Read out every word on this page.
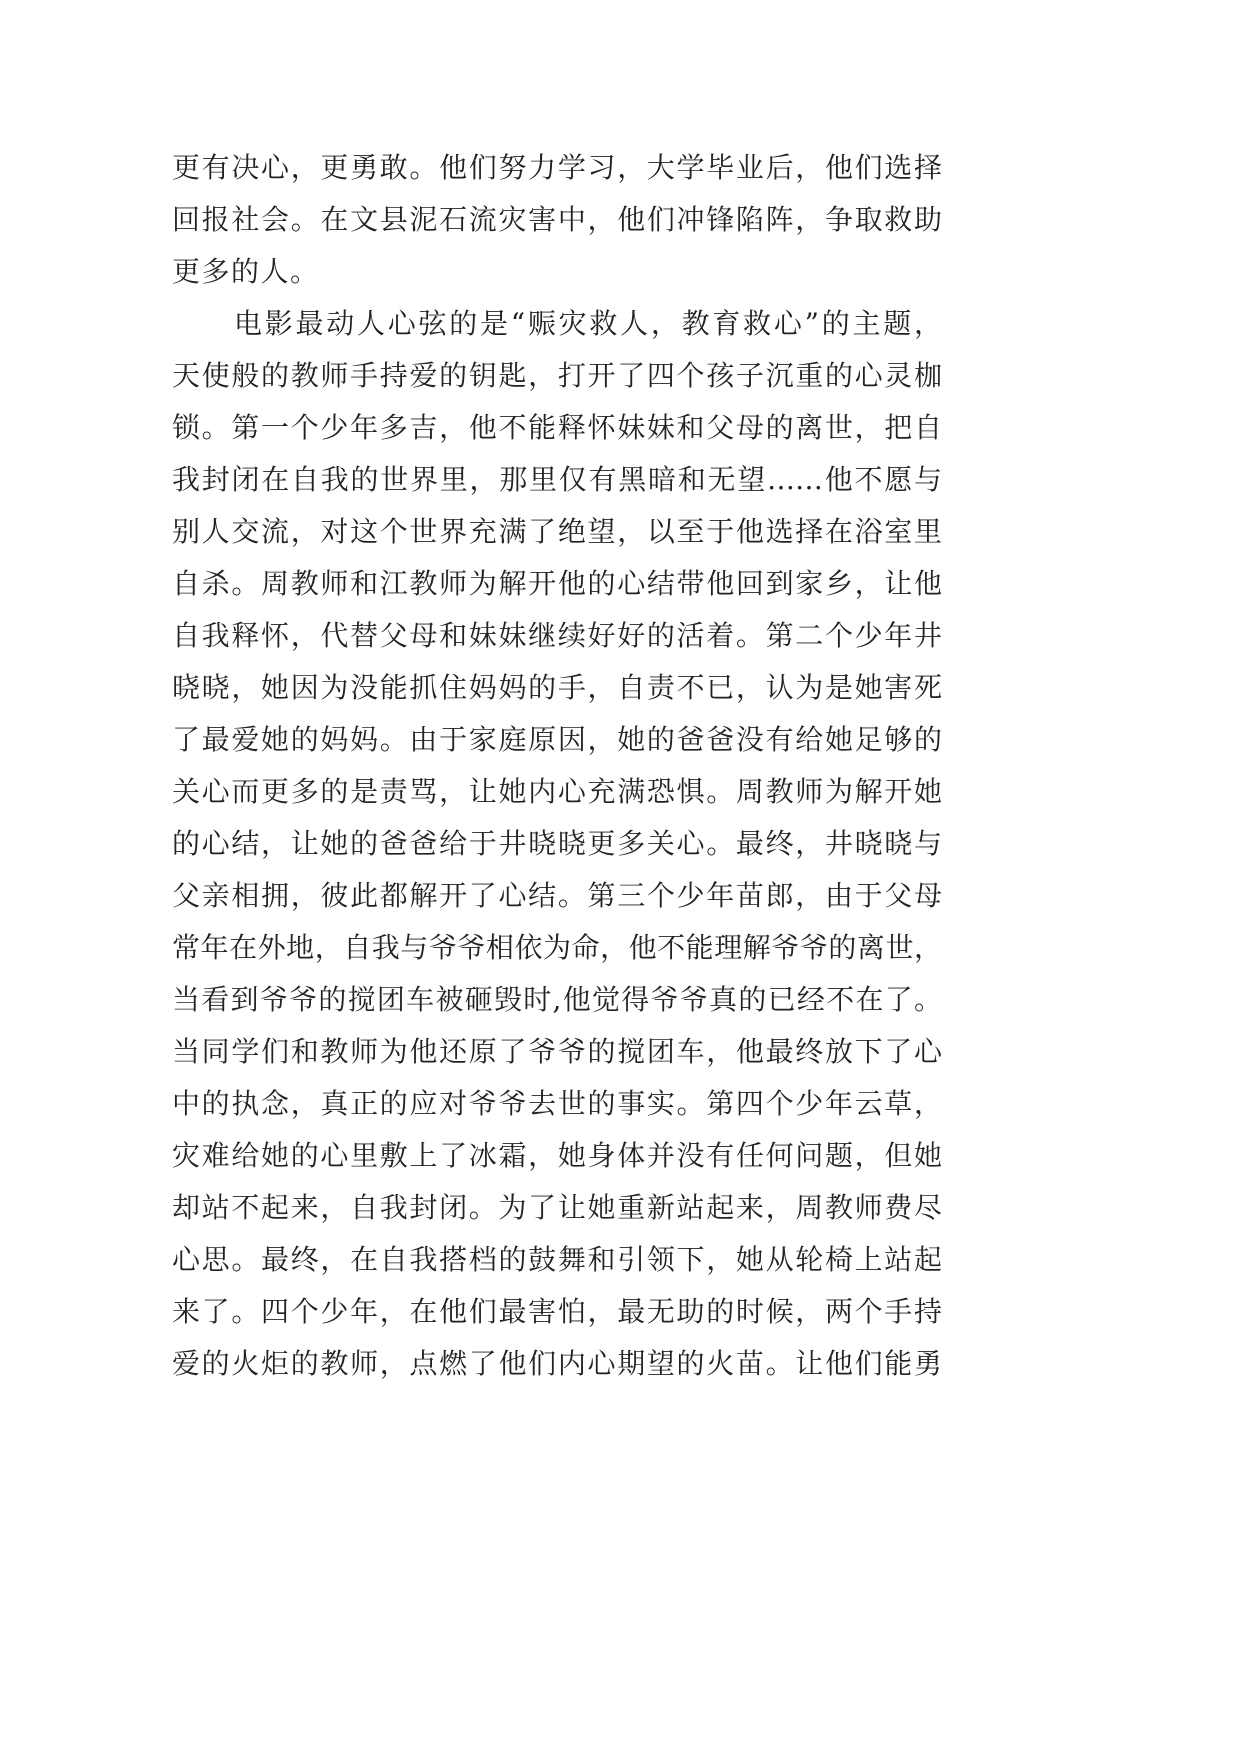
更有决心，更勇敢。他们努力学习，大学毕业后，他们选择
回报社会。在文县泥石流灾害中，他们冲锋陷阵，争取救助
更多的人。
电影最动人心弦的是“赈灾救人，教育救心”的主题，
天使般的教师手持爱的钥匙，打开了四个孩子沉重的心灵枷
锁。第一个少年多吉，他不能释怀妹妹和父母的离世，把自
我封闭在自我的世界里，那里仅有黑暗和无望……他不愿与
别人交流，对这个世界充满了绝望，以至于他选择在浴室里
自杀。周教师和江教师为解开他的心结带他回到家乡，让他
自我释怀，代替父母和妹妹继续好好的活着。第二个少年井
晓晓，她因为没能抓住妈妈的手，自责不已，认为是她害死
了最爱她的妈妈。由于家庭原因，她的爸爸没有给她足够的
关心而更多的是责骂，让她内心充满恐惧。周教师为解开她
的心结，让她的爸爸给于井晓晓更多关心。最终，井晓晓与
父亲相拥，彼此都解开了心结。第三个少年苗郎，由于父母
常年在外地，自我与爷爷相依为命，他不能理解爷爷的离世，
当看到爷爷的搅团车被砸毁时,他觉得爷爷真的已经不在了。
当同学们和教师为他还原了爷爷的搅团车，他最终放下了心
中的执念，真正的应对爷爷去世的事实。第四个少年云草，
灾难给她的心里敷上了冰霜，她身体并没有任何问题，但她
却站不起来，自我封闭。为了让她重新站起来，周教师费尽
心思。最终，在自我搭档的鼓舞和引领下，她从轮椅上站起
来了。四个少年，在他们最害怕，最无助的时候，两个手持
爱的火炬的教师，点燃了他们内心期望的火苗。让他们能勇
